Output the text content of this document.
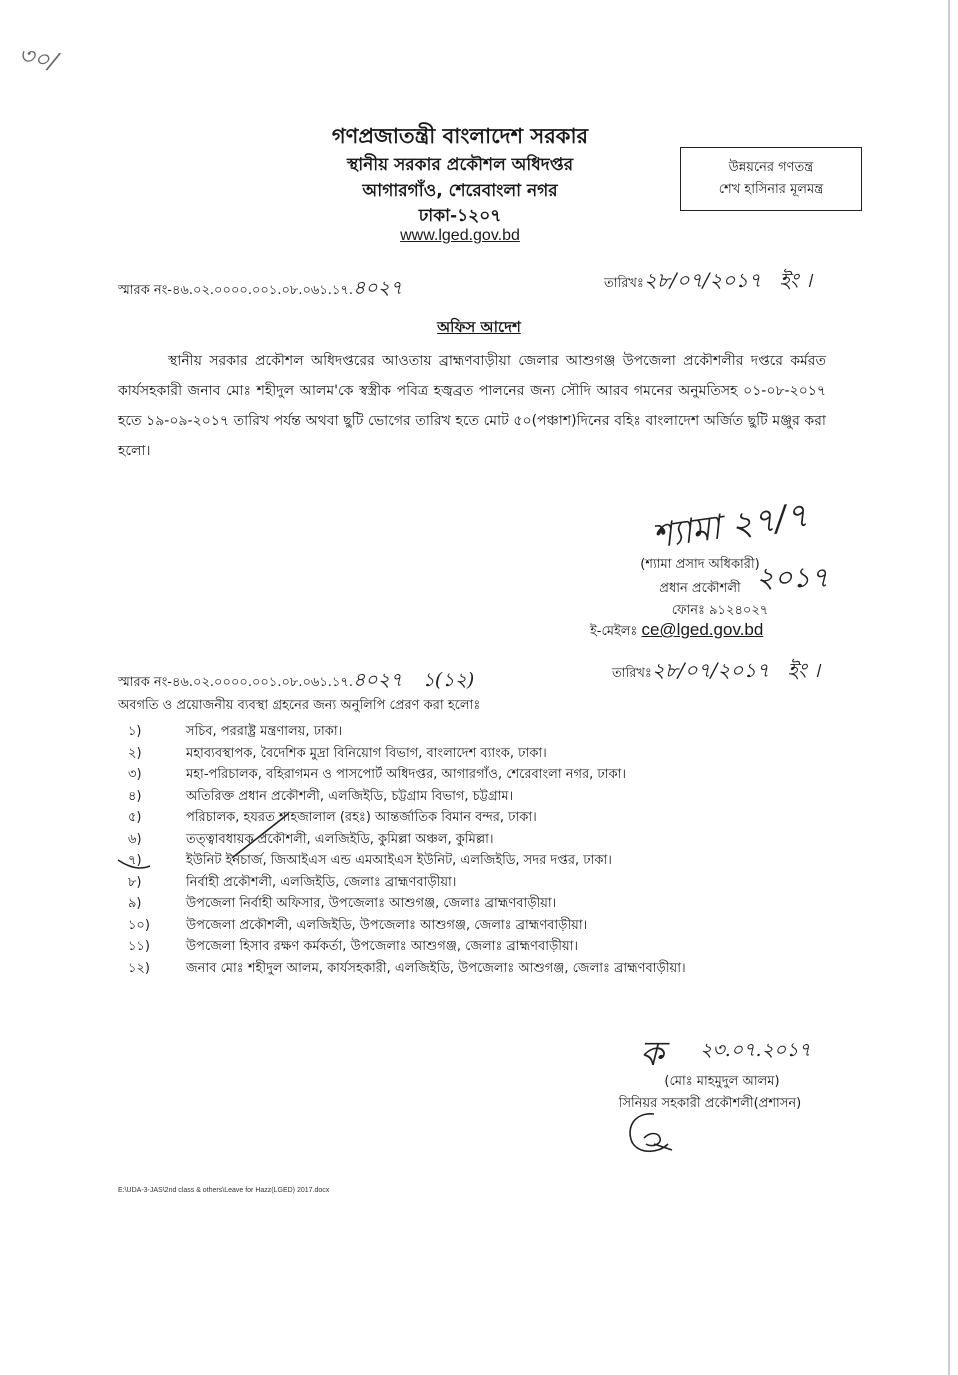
৩০/
গণপ্রজাতন্ত্রী বাংলাদেশ সরকার
স্থানীয় সরকার প্রকৌশল অধিদপ্তর
আগারগাঁও, শেরেবাংলা নগর
ঢাকা-১২০৭
www.lged.gov.bd
উন্নয়নের গণতন্ত্র
শেখ হাসিনার মূলমন্ত্র
স্মারক নং-৪৬.০২.০০০০.০০১.০৮.০৬১.১৭.৪০২৭	তারিখঃ২৮/০৭/২০১৭ ইং ।
অফিস আদেশ
স্থানীয় সরকার প্রকৌশল অধিদপ্তরের আওতায় ব্রাহ্মণবাড়ীয়া জেলার আশুগঞ্জ উপজেলা প্রকৌশলীর দপ্তরে কর্মরত কার্যসহকারী জনাব মোঃ শহীদুল আলম'কে স্বস্ত্রীক পবিত্র হজ্বব্রত পালনের জন্য সৌদি আরব গমনের অনুমতিসহ ০১-০৮-২০১৭ হতে ১৯-০৯-২০১৭ তারিখ পর্যন্ত অথবা ছুটি ভোগের তারিখ হতে মোট ৫০(পঞ্চাশ)দিনের বহিঃ বাংলাদেশ অর্জিত ছুটি মঞ্জুর করা হলো।
শ্যামা ২৭/৭
২০১৭
(শ্যামা প্রসাদ অধিকারী)
প্রধান প্রকৌশলী
ফোনঃ ৯১২৪০২৭
ই-মেইলঃ ce@lged.gov.bd
স্মারক নং-৪৬.০২.০০০০.০০১.০৮.০৬১.১৭.৪০২৭ ১(১২)	তারিখঃ২৮/০৭/২০১৭ ইং ।
অবগতি ও প্রয়োজনীয় ব্যবস্থা গ্রহনের জন্য অনুলিপি প্রেরণ করা হলোঃ
১)	সচিব, পররাষ্ট্র মন্ত্রণালয়, ঢাকা।
২)	মহাব্যবস্থাপক, বৈদেশিক মুদ্রা বিনিয়োগ বিভাগ, বাংলাদেশ ব্যাংক, ঢাকা।
৩)	মহা-পরিচালক, বহিরাগমন ও পাসপোর্ট অধিদপ্তর, আগারগাঁও, শেরেবাংলা নগর, ঢাকা।
৪)	অতিরিক্ত প্রধান প্রকৌশলী, এলজিইডি, চট্টগ্রাম বিভাগ, চট্টগ্রাম।
৫)	পরিচালক, হযরত শাহজালাল (রহঃ) আন্তর্জাতিক বিমান বন্দর, ঢাকা।
৬)	তত্ত্বাবধায়ক প্রকৌশলী, এলজিইডি, কুমিল্লা অঞ্চল, কুমিল্লা।
৭)	ইউনিট ইনচার্জ, জিআইএস এন্ড এমআইএস ইউনিট, এলজিইডি, সদর দপ্তর, ঢাকা।
৮)	নির্বাহী প্রকৌশলী, এলজিইডি, জেলাঃ ব্রাহ্মণবাড়ীয়া।
৯)	উপজেলা নির্বাহী অফিসার, উপজেলাঃ আশুগঞ্জ, জেলাঃ ব্রাহ্মণবাড়ীয়া।
১০)	উপজেলা প্রকৌশলী, এলজিইডি, উপজেলাঃ আশুগঞ্জ, জেলাঃ ব্রাহ্মণবাড়ীয়া।
১১)	উপজেলা হিসাব রক্ষণ কর্মকর্তা, উপজেলাঃ আশুগঞ্জ, জেলাঃ ব্রাহ্মণবাড়ীয়া।
১২)	জনাব মোঃ শহীদুল আলম, কার্যসহকারী, এলজিইডি, উপজেলাঃ আশুগঞ্জ, জেলাঃ ব্রাহ্মণবাড়ীয়া।
ক ২৩.০৭.২০১৭
(মোঃ মাহমুদুল আলম)
সিনিয়র সহকারী প্রকৌশলী(প্রশাসন)
E:\UDA-3-JAS\2nd class & others\Leave for Hazz(LGED) 2017.docx
